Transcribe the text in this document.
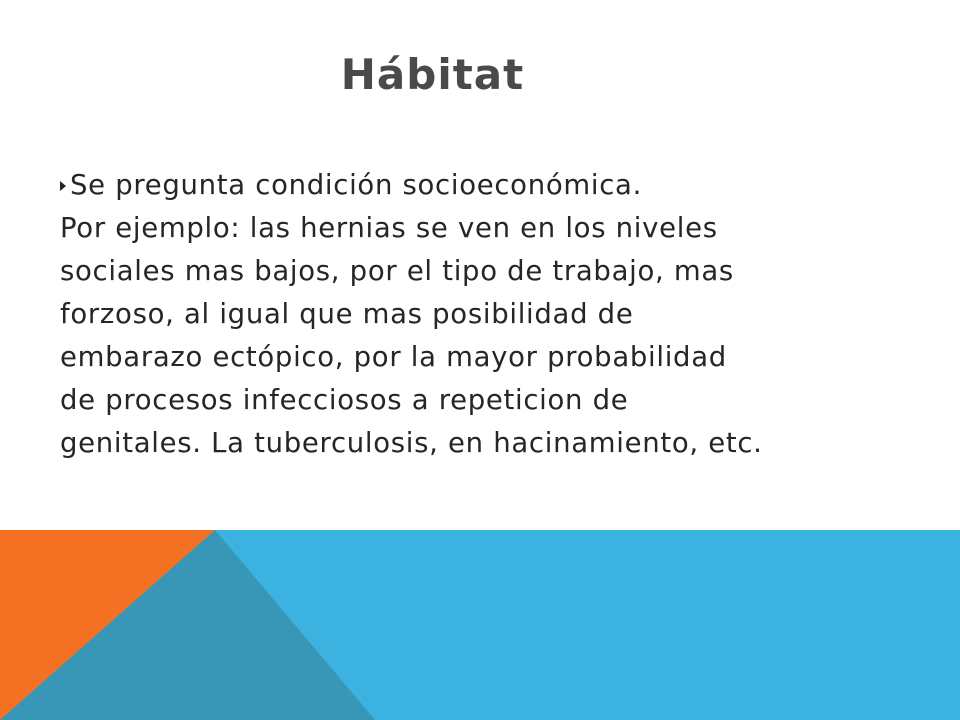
Hábitat
Se pregunta condición socioeconómica.
Por ejemplo: las hernias se ven en los niveles
sociales mas bajos, por el tipo de trabajo, mas
forzoso, al igual que mas posibilidad de
embarazo ectópico, por la mayor probabilidad
de procesos infecciosos a repeticion de
genitales. La tuberculosis, en hacinamiento, etc.
